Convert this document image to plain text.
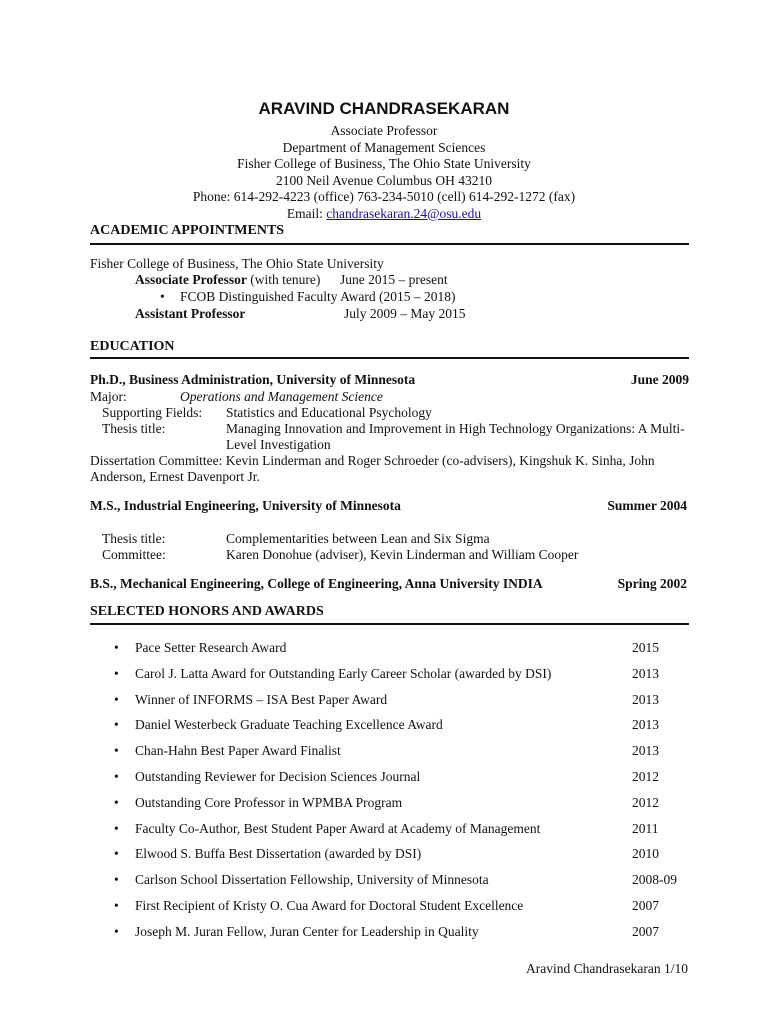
ARAVIND CHANDRASEKARAN
Associate Professor
Department of Management Sciences
Fisher College of Business, The Ohio State University
2100 Neil Avenue Columbus OH 43210
Phone: 614-292-4223 (office) 763-234-5010 (cell) 614-292-1272 (fax)
Email: chandrasekaran.24@osu.edu
ACADEMIC APPOINTMENTS
Fisher College of Business, The Ohio State University
Associate Professor (with tenure) June 2015 – present
• FCOB Distinguished Faculty Award (2015 – 2018)
Assistant Professor	July 2009 – May 2015
EDUCATION
Ph.D., Business Administration, University of Minnesota	June 2009
Major:	Operations and Management Science
Supporting Fields: Statistics and Educational Psychology
Thesis title:	Managing Innovation and Improvement in High Technology Organizations: A Multi-
Level Investigation
Dissertation Committee: Kevin Linderman and Roger Schroeder (co-advisers), Kingshuk K. Sinha, John
Anderson, Ernest Davenport Jr.
M.S., Industrial Engineering, University of Minnesota	Summer 2004
Thesis title:	Complementarities between Lean and Six Sigma
Committee:	Karen Donohue (adviser), Kevin Linderman and William Cooper
B.S., Mechanical Engineering, College of Engineering, Anna University INDIA	Spring 2002
SELECTED HONORS AND AWARDS
• Pace Setter Research Award	2015
• Carol J. Latta Award for Outstanding Early Career Scholar (awarded by DSI)	2013
• Winner of INFORMS – ISA Best Paper Award	2013
• Daniel Westerbeck Graduate Teaching Excellence Award	2013
• Chan-Hahn Best Paper Award Finalist	2013
• Outstanding Reviewer for Decision Sciences Journal	2012
• Outstanding Core Professor in WPMBA Program	2012
• Faculty Co-Author, Best Student Paper Award at Academy of Management	2011
• Elwood S. Buffa Best Dissertation (awarded by DSI)	2010
• Carlson School Dissertation Fellowship, University of Minnesota	2008-09
• First Recipient of Kristy O. Cua Award for Doctoral Student Excellence	2007
• Joseph M. Juran Fellow, Juran Center for Leadership in Quality	2007
Aravind Chandrasekaran 1/10
